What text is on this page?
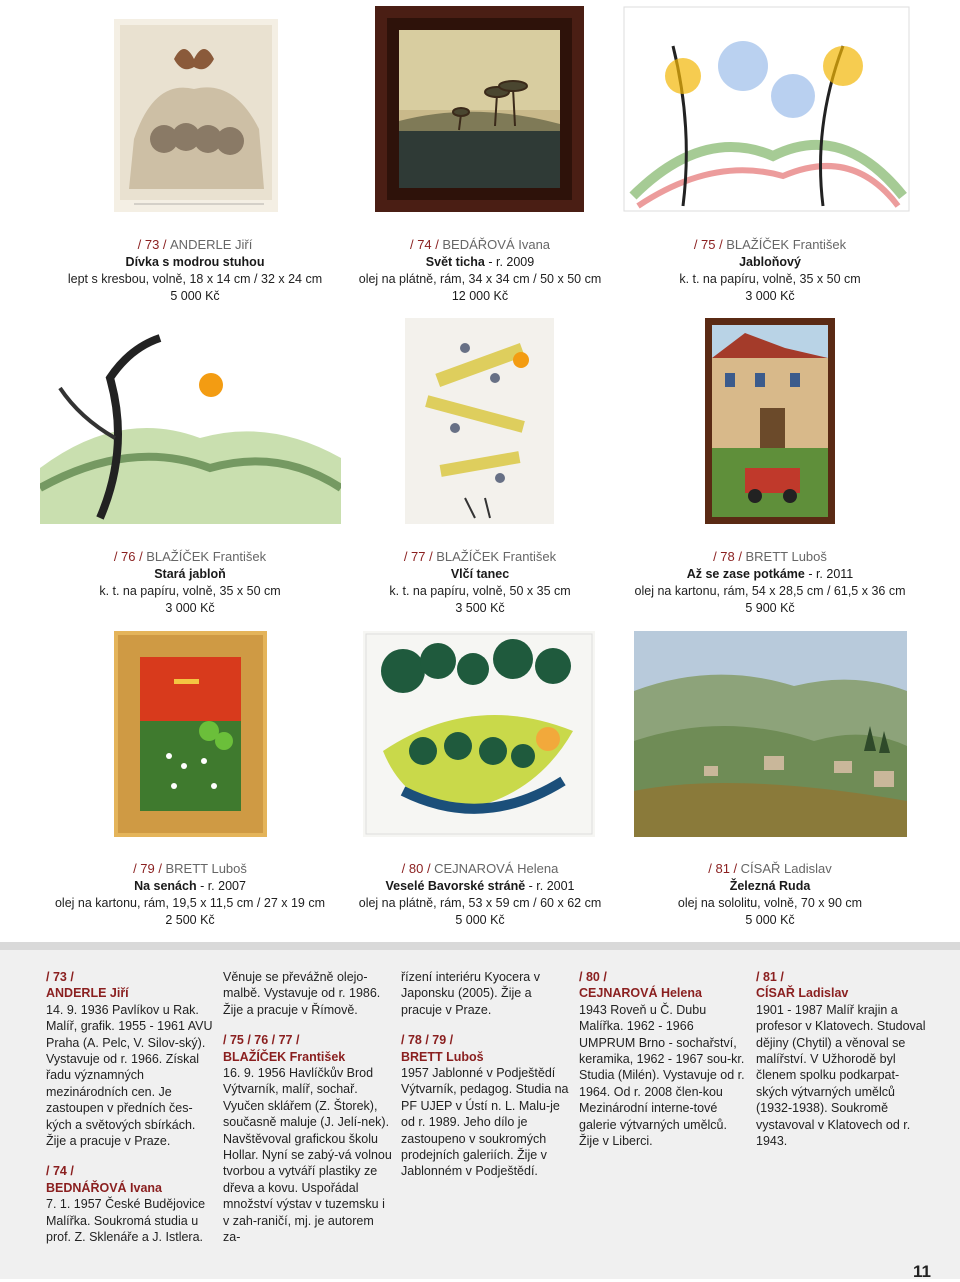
/ 73 / ANDERLE Jiří
Dívka s modrou stuhou
lept s kresbou, volně, 18 x 14 cm / 32 x 24 cm
5 000 Kč
/ 74 / BEDÁŘOVÁ Ivana
Svět ticha - r. 2009
olej na plátně, rám, 34 x 34 cm / 50 x 50 cm
12 000 Kč
/ 75 / BLAŽÍČEK František
Jabloňový
k. t. na papíru, volně, 35 x 50 cm
3 000 Kč
/ 76 / BLAŽÍČEK František
Stará jabloň
k. t. na papíru, volně, 35 x 50 cm
3 000 Kč
/ 77 / BLAŽÍČEK František
Vlčí tanec
k. t. na papíru, volně, 50 x 35 cm
3 500 Kč
/ 78 / BRETT Luboš
Až se zase potkáme - r. 2011
olej na kartonu, rám, 54 x 28,5 cm / 61,5 x 36 cm
5 900 Kč
/ 79 / BRETT Luboš
Na senách - r. 2007
olej na kartonu, rám, 19,5 x 11,5 cm / 27 x 19 cm
2 500 Kč
/ 80 / CEJNAROVÁ Helena
Veselé Bavorské stráně - r. 2001
olej na plátně, rám, 53 x 59 cm / 60 x 62 cm
5 000 Kč
/ 81 / CÍSAŘ Ladislav
Železná Ruda
olej na sololitu, volně, 70 x 90 cm
5 000 Kč
/ 73 /
ANDERLE Jiří

14. 9. 1936 Pavlíkov u Rak. Malíř, grafik. 1955 - 1961 AVU Praha (A. Pelc, V. Silov-ský). Vystavuje od r. 1966. Získal řadu významných mezinárodních cen. Je zastoupen v předních čes-kých a světových sbírkách. Žije a pracuje v Praze.

/ 74 /
BEDNÁŘOVÁ Ivana

7. 1. 1957 České Budějovice Malířka. Soukromá studia u prof. Z. Sklenáře a J. Istlera.

Věnuje se převážně olejo-malbě. Vystavuje od r. 1986. Žije a pracuje v Římově.

/ 75 / 76 / 77 /
BLAŽÍČEK František

16. 9. 1956 Havlíčkův Brod Výtvarník, malíř, sochař. Vyučen sklářem (Z. Štorek), současně maluje (J. Jelí-nek). Navštěvoval grafickou školu Hollar. Nyní se zabý-vá volnou tvorbou a vytváří plastiky ze dřeva a kovu. Uspořádal množství výstav v tuzemsku i v zah-raničí, mj. je autorem za-

řízení interiéru Kyocera v Japonsku (2005). Žije a pracuje v Praze.

/ 78 / 79 /
BRETT Luboš

1957 Jablonné v Podještědí Výtvarník, pedagog. Studia na PF UJEP v Ústí n. L. Malu-je od r. 1989. Jeho dílo je zastoupeno v soukromých prodejních galeriích. Žije v Jablonném v Podještědí.

/ 80 /
CEJNAROVÁ Helena

1943 Roveň u Č. Dubu Malířka. 1962 - 1966 UMPRUM Brno - sochařství, keramika, 1962 - 1967 sou-kr. Studia (Milén). Vystavuje od r. 1964. Od r. 2008 člen-kou Mezinárodní interne-tové galerie výtvarných umělců. Žije v Liberci.

/ 81 /
CÍSAŘ Ladislav

1901 - 1987 Malíř krajin a profesor v Klatovech. Studoval dějiny (Chytil) a věnoval se malířství. V Užhorodě byl členem spolku podkarpat-ských výtvarných umělců (1932-1938). Soukromě vystavoval v Klatovech od r. 1943.

11
